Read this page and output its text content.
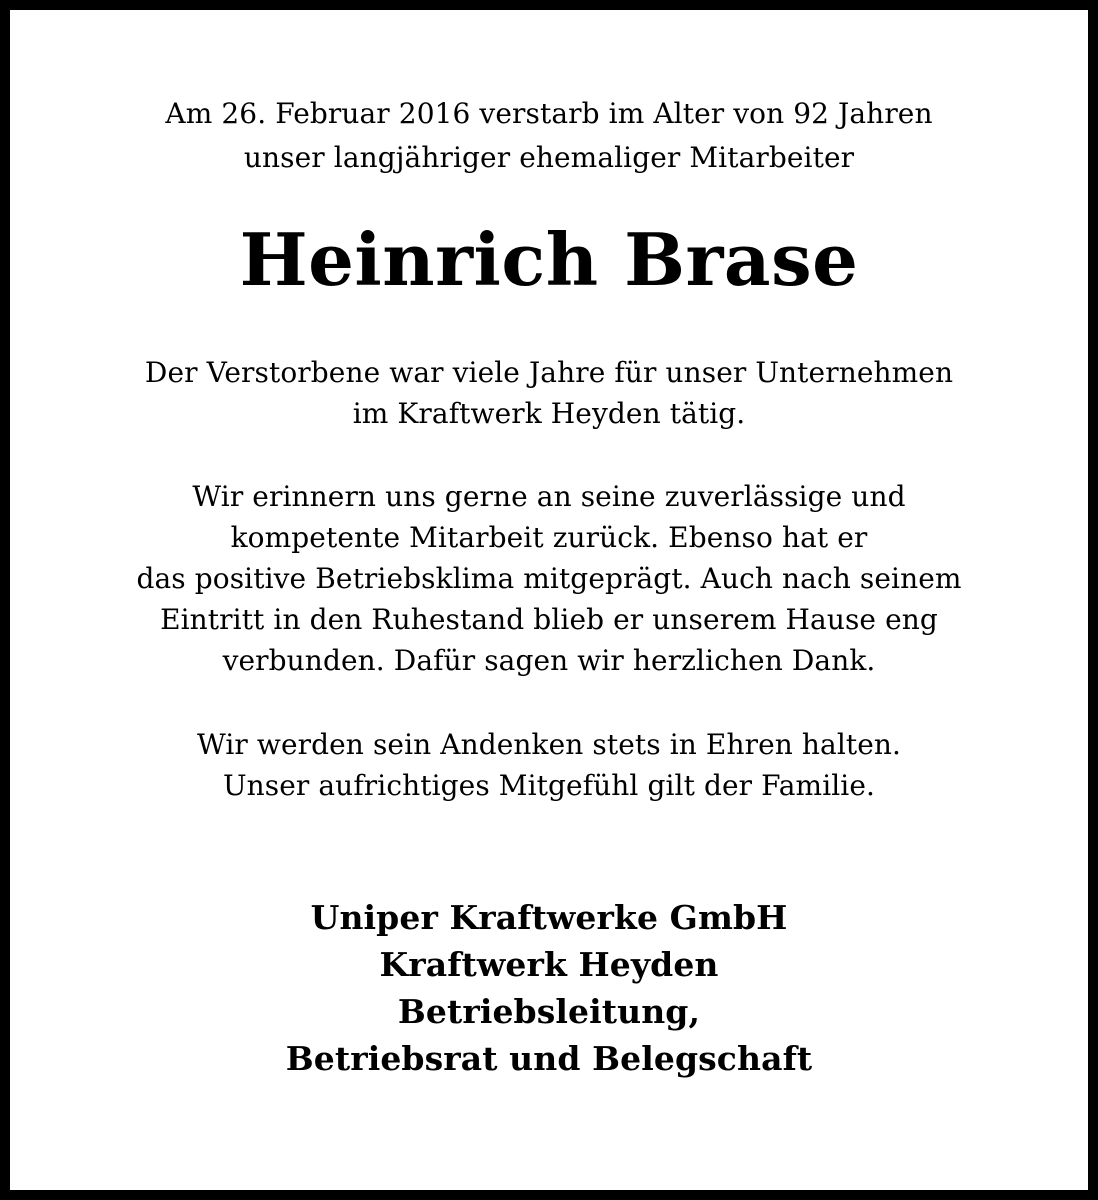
Am 26. Februar 2016 verstarb im Alter von 92 Jahren
unser langjähriger ehemaliger Mitarbeiter
Heinrich Brase
Der Verstorbene war viele Jahre für unser Unternehmen
im Kraftwerk Heyden tätig.
Wir erinnern uns gerne an seine zuverlässige und
kompetente Mitarbeit zurück. Ebenso hat er
das positive Betriebsklima mitgeprägt. Auch nach seinem
Eintritt in den Ruhestand blieb er unserem Hause eng
verbunden. Dafür sagen wir herzlichen Dank.
Wir werden sein Andenken stets in Ehren halten.
Unser aufrichtiges Mitgefühl gilt der Familie.
Uniper Kraftwerke GmbH
Kraftwerk Heyden
Betriebsleitung,
Betriebsrat und Belegschaft
